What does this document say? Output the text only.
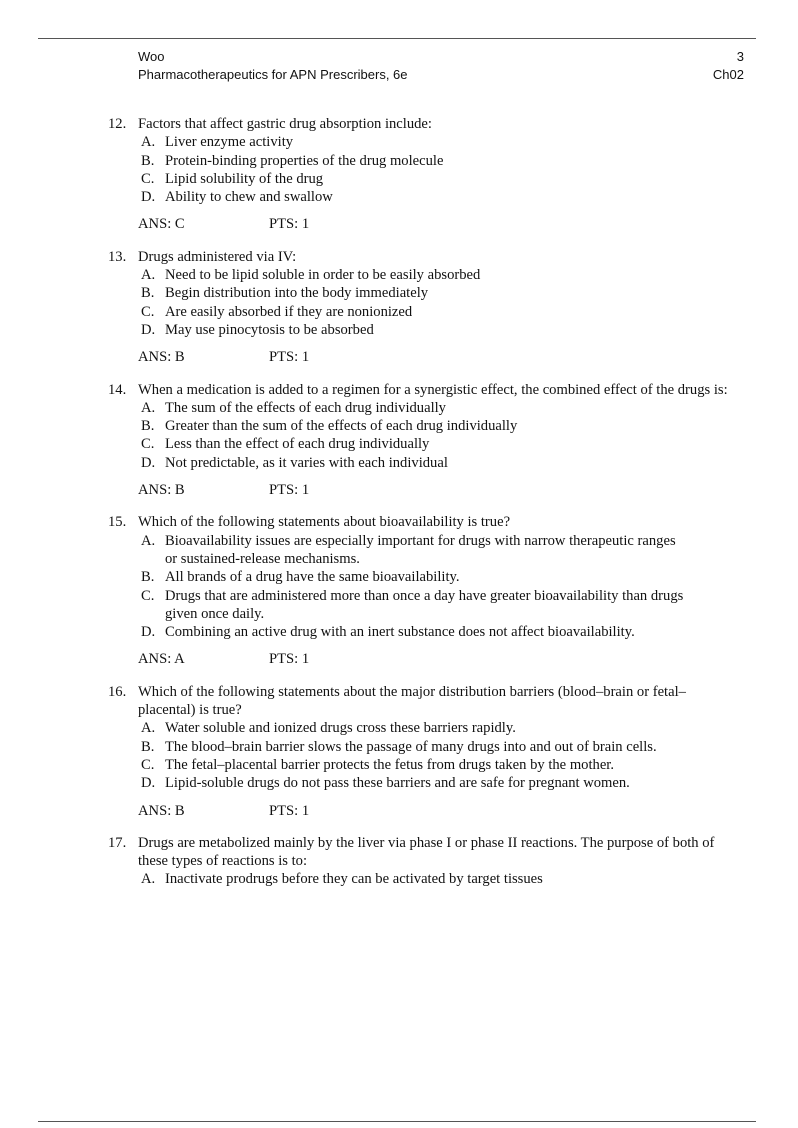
Woo	3
Pharmacotherapeutics for APN Prescribers, 6e	Ch02
12. Factors that affect gastric drug absorption include:
A. Liver enzyme activity
B. Protein-binding properties of the drug molecule
C. Lipid solubility of the drug
D. Ability to chew and swallow
ANS: C	PTS: 1
13. Drugs administered via IV:
A. Need to be lipid soluble in order to be easily absorbed
B. Begin distribution into the body immediately
C. Are easily absorbed if they are nonionized
D. May use pinocytosis to be absorbed
ANS: B	PTS: 1
14. When a medication is added to a regimen for a synergistic effect, the combined effect of the drugs is:
A. The sum of the effects of each drug individually
B. Greater than the sum of the effects of each drug individually
C. Less than the effect of each drug individually
D. Not predictable, as it varies with each individual
ANS: B	PTS: 1
15. Which of the following statements about bioavailability is true?
A. Bioavailability issues are especially important for drugs with narrow therapeutic ranges or sustained-release mechanisms.
B. All brands of a drug have the same bioavailability.
C. Drugs that are administered more than once a day have greater bioavailability than drugs given once daily.
D. Combining an active drug with an inert substance does not affect bioavailability.
ANS: A	PTS: 1
16. Which of the following statements about the major distribution barriers (blood–brain or fetal–placental) is true?
A. Water soluble and ionized drugs cross these barriers rapidly.
B. The blood–brain barrier slows the passage of many drugs into and out of brain cells.
C. The fetal–placental barrier protects the fetus from drugs taken by the mother.
D. Lipid-soluble drugs do not pass these barriers and are safe for pregnant women.
ANS: B	PTS: 1
17. Drugs are metabolized mainly by the liver via phase I or phase II reactions. The purpose of both of these types of reactions is to:
A. Inactivate prodrugs before they can be activated by target tissues
